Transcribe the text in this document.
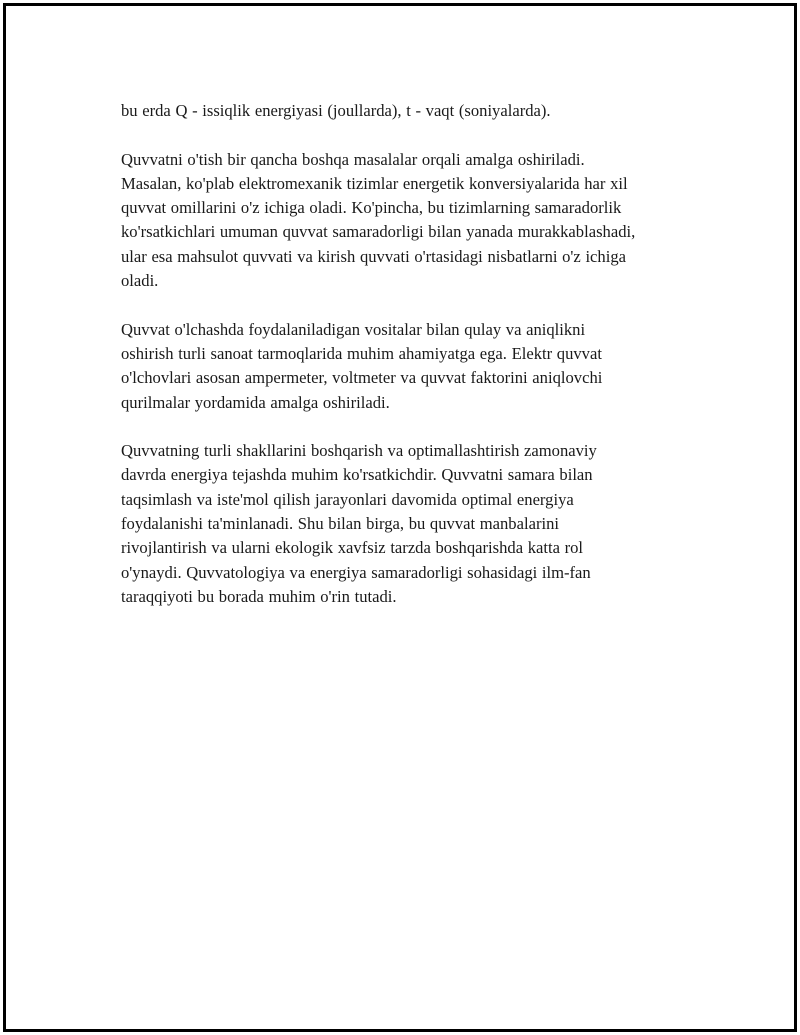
bu erda Q - issiqlik energiyasi (joullarda), t - vaqt (soniyalarda).

Quvvatni o'tish bir qancha boshqa masalalar orqali amalga oshiriladi.
Masalan, ko'plab elektromexanik tizimlar energetik konversiyalarida har xil
quvvat omillarini o'z ichiga oladi. Ko'pincha, bu tizimlarning samaradorlik
ko'rsatkichlari umuman quvvat samaradorligi bilan yanada murakkablashadi,
ular esa mahsulot quvvati va kirish quvvati o'rtasidagi nisbatlarni o'z ichiga
oladi.

Quvvat o'lchashda foydalaniladigan vositalar bilan qulay va aniqlikni
oshirish turli sanoat tarmoqlarida muhim ahamiyatga ega. Elektr quvvat
o'lchovlari asosan ampermeter, voltmeter va quvvat faktorini aniqlovchi
qurilmalar yordamida amalga oshiriladi.

Quvvatning turli shakllarini boshqarish va optimallashtirish zamonaviy
davrda energiya tejashda muhim ko'rsatkichdir. Quvvatni samara bilan
taqsimlash va iste'mol qilish jarayonlari davomida optimal energiya
foydalanishi ta'minlanadi. Shu bilan birga, bu quvvat manbalarini
rivojlantirish va ularni ekologik xavfsiz tarzda boshqarishda katta rol
o'ynaydi. Quvvatologiya va energiya samaradorligi sohasidagi ilm-fan
taraqqiyoti bu borada muhim o'rin tutadi.
